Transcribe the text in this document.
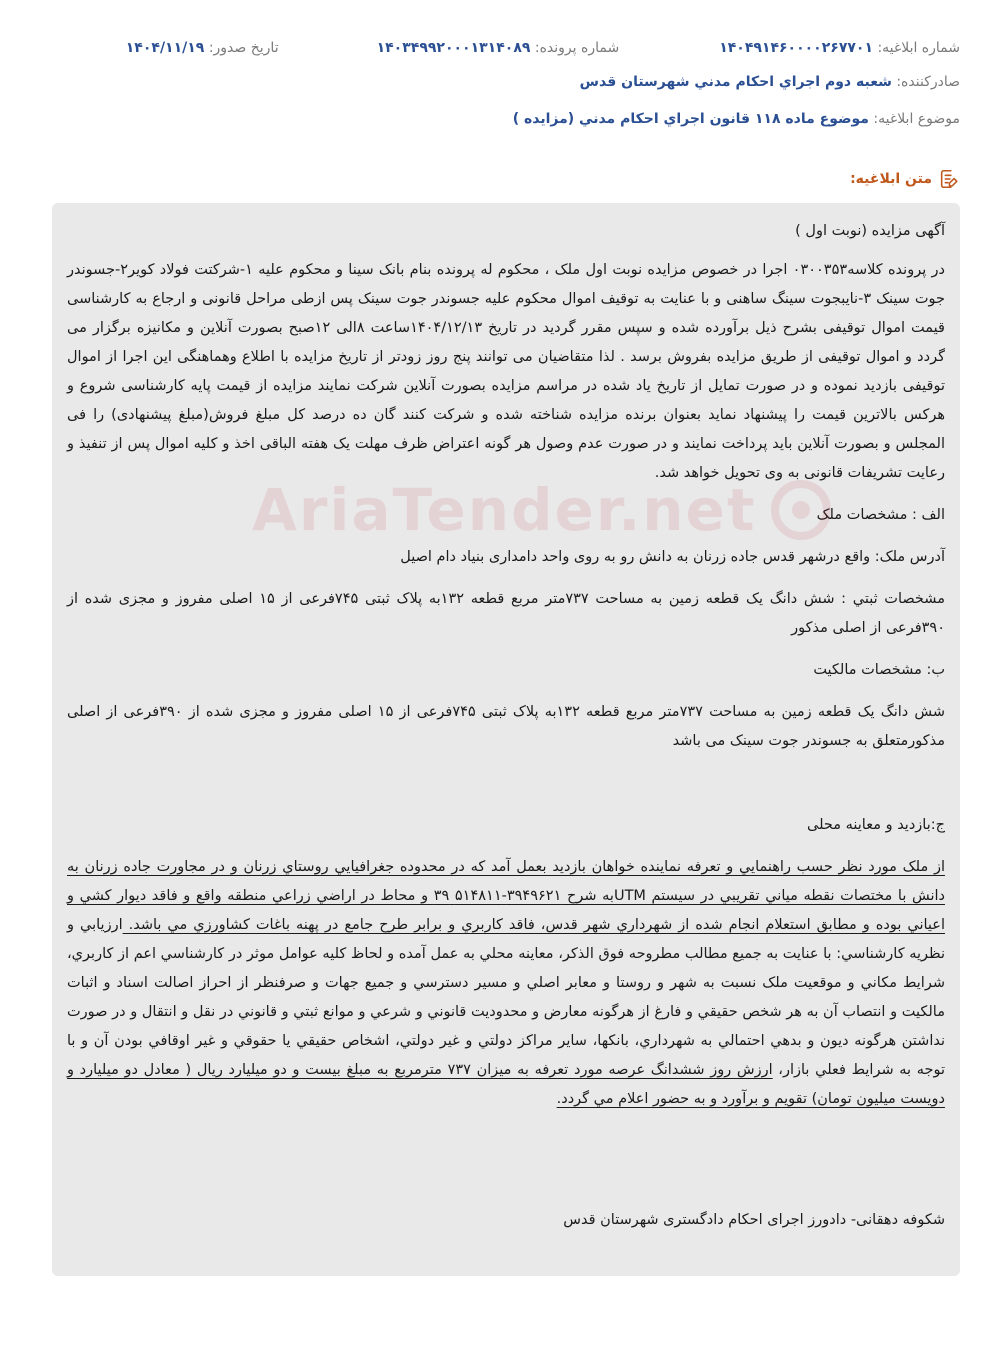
شماره ابلاغيه: ۱۴۰۴۹۱۴۶۰۰۰۰۲۶۷۷۰۱
شماره پرونده: ۱۴۰۳۴۹۹۲۰۰۰۱۳۱۴۰۸۹
تاريخ صدور: ۱۴۰۴/۱۱/۱۹
صادرکننده:

شعبه دوم اجراي احکام مدني شهرستان قدس
موضوع ابلاغيه:

موضوع ماده ۱۱۸ قانون اجراي احکام مدني (مزايده )
متن ابلاغيه:
AriaTender.net

آگهی مزایده (نوبت اول )

در پرونده کلاسه۰۳۰۰۳۵۳ اجرا در خصوص مزایده نوبت اول ملک ، محکوم له پرونده بنام بانک سینا و محکوم علیه ۱-شرکتت فولاد کویر۲-جسوندر جوت سینک ۳-نایبجوت سینگ ساهنی و با عنایت به توقیف اموال محکوم علیه جسوندر جوت سینک پس ازطی مراحل قانونی و ارجاع به کارشناسی قیمت اموال توقیفی بشرح ذیل برآورده شده و سپس مقرر گردید در تاریخ ۱۴۰۴/۱۲/۱۳ساعت ۸الی ۱۲صبح بصورت آنلاین و مکانیزه برگزار می گردد و اموال توقیفی از طریق مزایده بفروش برسد . لذا متقاضیان می توانند پنج روز زودتر از تاریخ مزایده با اطلاع وهماهنگی این اجرا از اموال توقیفی بازدید نموده و در صورت تمایل از تاریخ یاد شده در مراسم مزایده بصورت آنلاین شرکت نمایند مزایده از قیمت پایه کارشناسی شروع و هرکس بالاترین قیمت را پیشنهاد نماید بعنوان برنده مزایده شناخته شده و شرکت کنند گان ده درصد کل مبلغ فروش(مبلغ پیشنهادی) را فی المجلس و بصورت آنلاین باید پرداخت نمایند و در صورت عدم وصول هر گونه اعتراض ظرف مهلت یک هفته الباقی اخذ و کلیه اموال پس از تنفیذ و رعایت تشریفات قانونی به وی تحویل خواهد شد.

الف : مشخصات ملک

آدرس ملک: واقع درشهر قدس جاده زرنان به دانش رو به روی واحد دامداری بنیاد دام اصیل

مشخصات ثبتي : شش دانگ یک قطعه زمین به مساحت ۷۳۷متر مربع قطعه ۱۳۲به پلاک ثبتی ۷۴۵فرعی از ۱۵ اصلی مفروز و مجزی شده از ۳۹۰فرعی از اصلی مذکور

ب: مشخصات مالکیت

شش دانگ یک قطعه زمین به مساحت ۷۳۷متر مربع قطعه ۱۳۲به پلاک ثبتی ۷۴۵فرعی از ۱۵ اصلی مفروز و مجزی شده از ۳۹۰فرعی از اصلی مذکورمتعلق به جسوندر جوت سینک می باشد

ج:بازدید و معاینه محلی

از ملک مورد نظر حسب راهنمايي و تعرفه نماينده خواهان بازديد بعمل آمد که در محدوده جغرافيايي روستاي زرنان و در مجاورت جاده زرنان به دانش با مختصات نقطه مياني تقريبي در سيستم UTMبه شرح ۳۹۴۹۶۲۱-۵۱۴۸۱۱ ۳۹ و محاط در اراضي زراعي منطقه واقع و فاقد ديوار کشي و اعياني بوده و مطابق استعلام انجام شده از شهرداري شهر قدس، فاقد کاربري و برابر طرح جامع در پهنه باغات کشاورزي مي باشد. ارزيابي و نظريه کارشناسي: با عنايت به جميع مطالب مطروحه فوق الذکر، معاينه محلي به عمل آمده و لحاظ کليه عوامل موثر در کارشناسي اعم از کاربري، شرايط مکاني و موقعيت ملک نسبت به شهر و روستا و معابر اصلي و مسير دسترسي و جميع جهات و صرفنظر از احراز اصالت اسناد و اثبات مالکيت و انتصاب آن به هر شخص حقيقي و فارغ از هرگونه معارض و محدوديت قانوني و شرعي و موانع ثبتي و قانوني در نقل و انتقال و در صورت نداشتن هرگونه ديون و بدهي احتمالي به شهرداري، بانکها، ساير مراکز دولتي و غير دولتي، اشخاص حقيقي يا حقوقي و غير اوقافي بودن آن و با توجه به شرايط فعلي بازار، ارزش روز ششدانگ عرصه مورد تعرفه به ميزان ۷۳۷ مترمربع به مبلغ بيست و دو ميليارد ريال ( معادل دو ميليارد و دويست ميليون تومان) تقويم و برآورد و به حضور اعلام مي گردد.

شکوفه دهقانی- دادورز اجرای احکام دادگستری شهرستان قدس
